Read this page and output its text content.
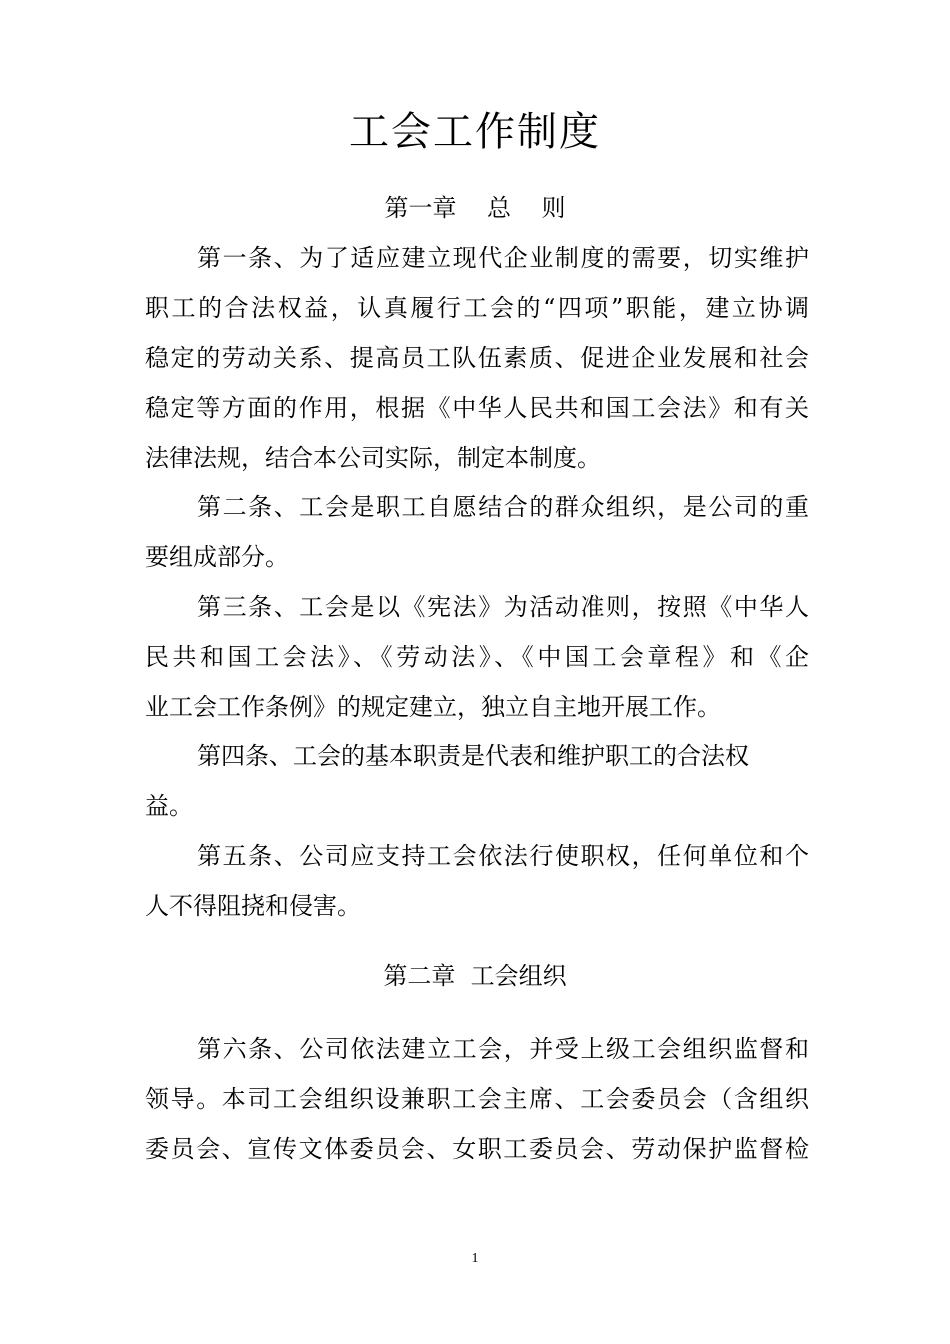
工会工作制度
第一章    总    则
第一条、为了适应建立现代企业制度的需要，切实维护
职工的合法权益，认真履行工会的“四项”职能，建立协调
稳定的劳动关系、提高员工队伍素质、促进企业发展和社会
稳定等方面的作用，根据《中华人民共和国工会法》和有关
法律法规，结合本公司实际，制定本制度。
第二条、工会是职工自愿结合的群众组织，是公司的重
要组成部分。
第三条、工会是以《宪法》为活动准则，按照《中华人
民共和国工会法》、《劳动法》、《中国工会章程》和《企
业工会工作条例》的规定建立，独立自主地开展工作。
第四条、工会的基本职责是代表和维护职工的合法权
益。
第五条、公司应支持工会依法行使职权，任何单位和个
人不得阻挠和侵害。
第二章  工会组织
第六条、公司依法建立工会，并受上级工会组织监督和
领导。本司工会组织设兼职工会主席、工会委员会（含组织
委员会、宣传文体委员会、女职工委员会、劳动保护监督检
1
